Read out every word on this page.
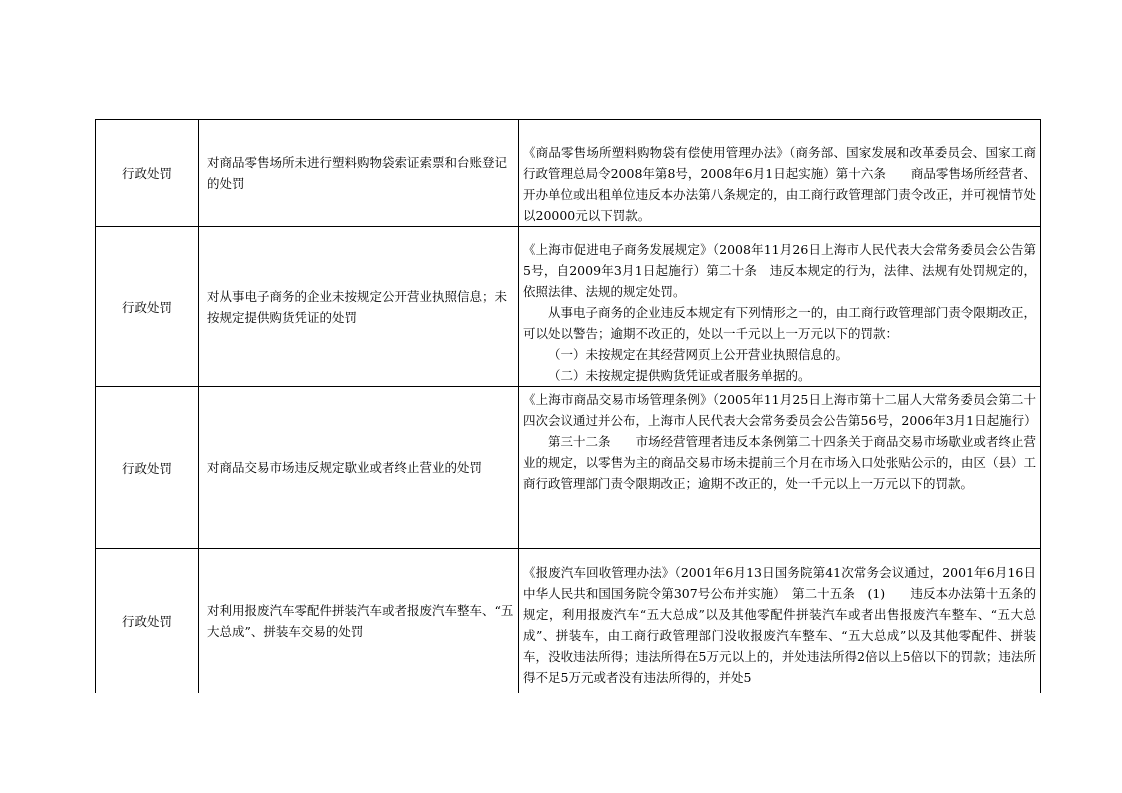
行政处罚	对商品零售场所未进行塑料购物袋索证索票和台账登记的处罚	《商品零售场所塑料购物袋有偿使用管理办法》（商务部、国家发展和改革委员会、国家工商行政管理总局令2008年第8号，2008年6月1日起实施）第十六条　　商品零售场所经营者、开办单位或出租单位违反本办法第八条规定的，由工商行政管理部门责令改正，并可视情节处以20000元以下罚款。

行政处罚	对从事电子商务的企业未按规定公开营业执照信息；未按规定提供购货凭证的处罚	《上海市促进电子商务发展规定》（2008年11月26日上海市人民代表大会常务委员会公告第5号，自2009年3月1日起施行）第二十条　违反本规定的行为，法律、法规有处罚规定的，依照法律、法规的规定处罚。

从事电子商务的企业违反本规定有下列情形之一的，由工商行政管理部门责令限期改正，可以处以警告；逾期不改正的，处以一千元以上一万元以下的罚款：

（一）未按规定在其经营网页上公开营业执照信息的。

（二）未按规定提供购货凭证或者服务单据的。

行政处罚	对商品交易市场违反规定歇业或者终止营业的处罚	《上海市商品交易市场管理条例》（2005年11月25日上海市第十二届人大常务委员会第二十四次会议通过并公布，上海市人民代表大会常务委员会公告第56号，2006年3月1日起施行）

第三十二条　　市场经营管理者违反本条例第二十四条关于商品交易市场歇业或者终止营业的规定，以零售为主的商品交易市场未提前三个月在市场入口处张贴公示的，由区（县）工商行政管理部门责令限期改正；逾期不改正的，处一千元以上一万元以下的罚款。

行政处罚	对利用报废汽车零配件拼装汽车或者报废汽车整车、“五大总成”、拼装车交易的处罚	《报废汽车回收管理办法》（2001年6月13日国务院第41次常务会议通过，2001年6月16日中华人民共和国国务院令第307号公布并实施）　第二十五条　(1)　　违反本办法第十五条的规定，利用报废汽车“五大总成”以及其他零配件拼装汽车或者出售报废汽车整车、“五大总成”、拼装车，由工商行政管理部门没收报废汽车整车、“五大总成”以及其他零配件、拼装车，没收违法所得；违法所得在5万元以上的，并处违法所得2倍以上5倍以下的罚款；违法所得不足5万元或者没有违法所得的，并处5
